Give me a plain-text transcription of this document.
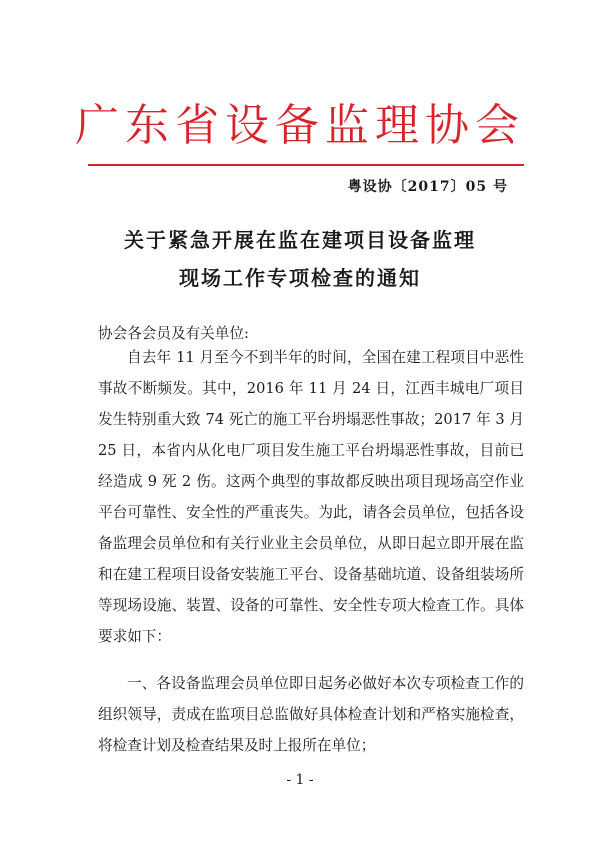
广东省设备监理协会
粤设协〔2017〕05 号
关于紧急开展在监在建项目设备监理
现场工作专项检查的通知
协会各会员及有关单位:
自去年 11 月至今不到半年的时间，全国在建工程项目中恶性事故不断频发。其中，2016 年 11 月 24 日，江西丰城电厂项目发生特别重大致 74 死亡的施工平台坍塌恶性事故；2017 年 3 月 25 日，本省内从化电厂项目发生施工平台坍塌恶性事故，目前已经造成 9 死 2 伤。这两个典型的事故都反映出项目现场高空作业平台可靠性、安全性的严重丧失。为此，请各会员单位，包括各设备监理会员单位和有关行业业主会员单位，从即日起立即开展在监和在建工程项目设备安装施工平台、设备基础坑道、设备组装场所等现场设施、装置、设备的可靠性、安全性专项大检查工作。具体要求如下：
一、各设备监理会员单位即日起务必做好本次专项检查工作的组织领导，责成在监项目总监做好具体检查计划和严格实施检查，将检查计划及检查结果及时上报所在单位；
- 1 -
